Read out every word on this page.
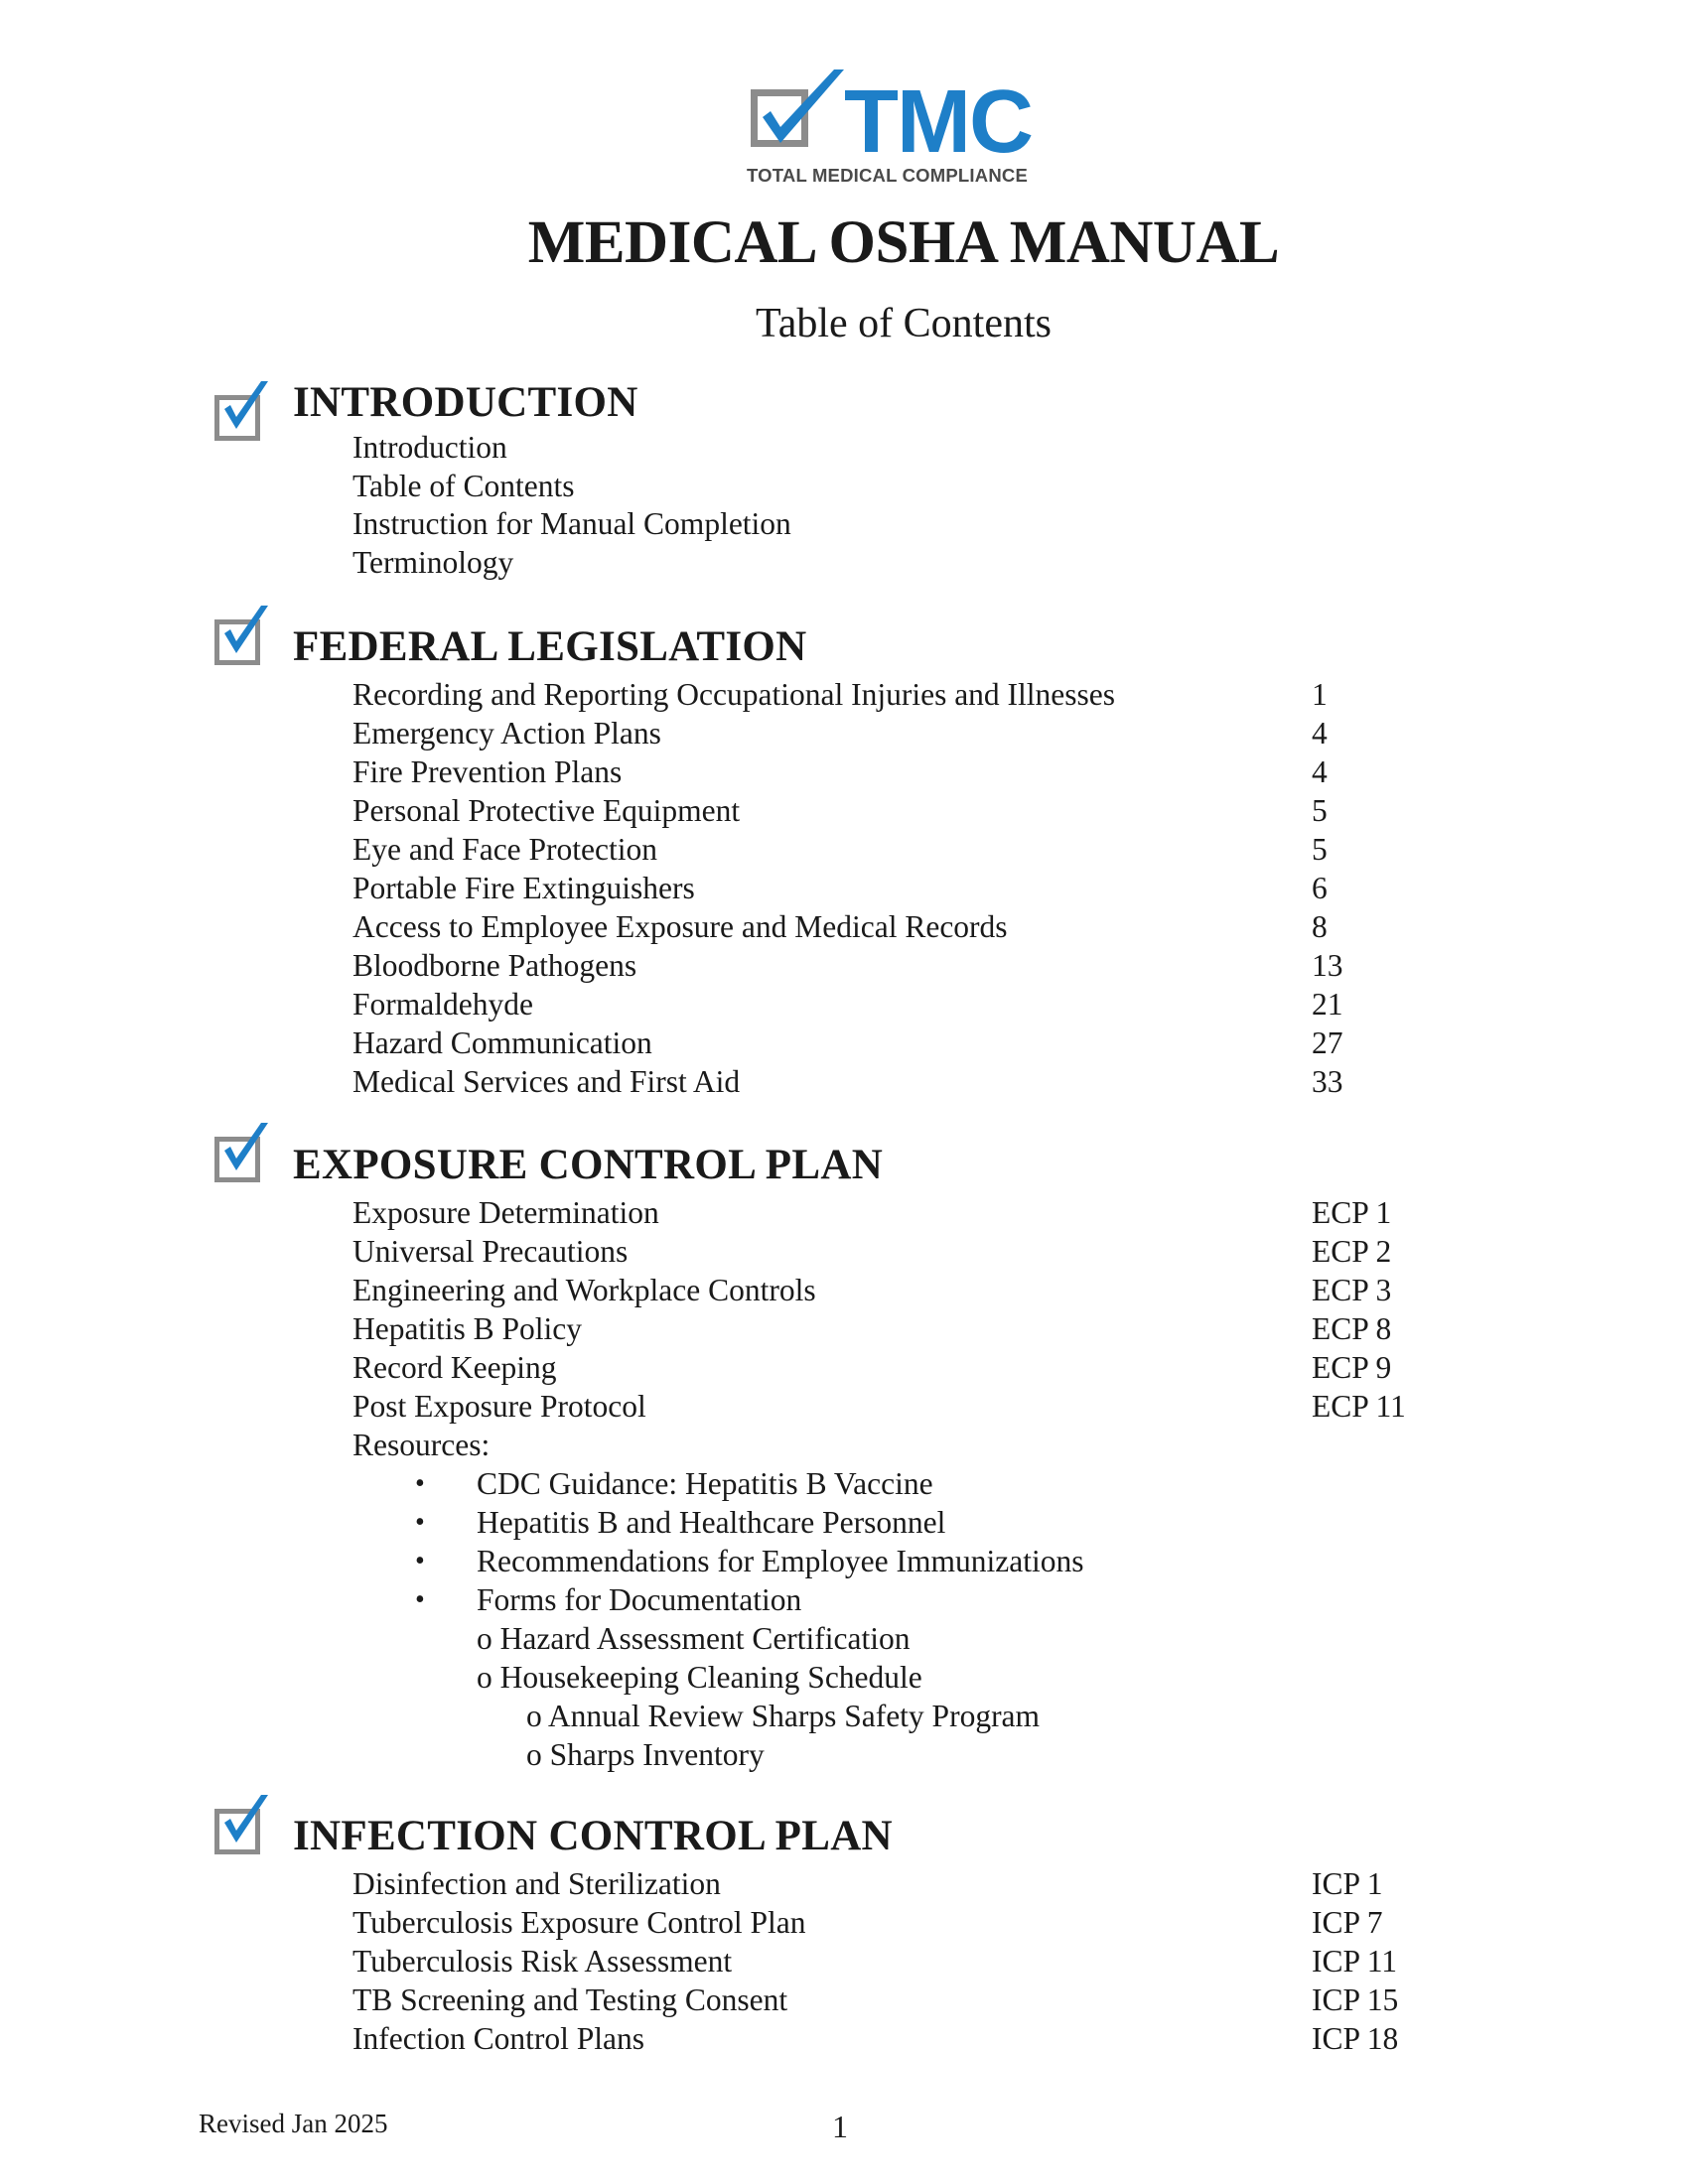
TMC
TOTAL MEDICAL COMPLIANCE
MEDICAL OSHA MANUAL
Table of Contents
INTRODUCTION
Introduction
Table of Contents
Instruction for Manual Completion
Terminology
FEDERAL LEGISLATION
Recording and Reporting Occupational Injuries and Illnesses	1
Emergency Action Plans	4
Fire Prevention Plans	4
Personal Protective Equipment	5
Eye and Face Protection	5
Portable Fire Extinguishers	6
Access to Employee Exposure and Medical Records	8
Bloodborne Pathogens	13
Formaldehyde	21
Hazard Communication	27
Medical Services and First Aid	33
EXPOSURE CONTROL PLAN
Exposure Determination	ECP 1
Universal Precautions	ECP 2
Engineering and Workplace Controls	ECP 3
Hepatitis B Policy	ECP 8
Record Keeping	ECP 9
Post Exposure Protocol	ECP 11
Resources:
• CDC Guidance: Hepatitis B Vaccine
• Hepatitis B and Healthcare Personnel
• Recommendations for Employee Immunizations
• Forms for Documentation
o Hazard Assessment Certification
o Housekeeping Cleaning Schedule
o Annual Review Sharps Safety Program
o Sharps Inventory
INFECTION CONTROL PLAN
Disinfection and Sterilization	ICP 1
Tuberculosis Exposure Control Plan	ICP 7
Tuberculosis Risk Assessment	ICP 11
TB Screening and Testing Consent	ICP 15
Infection Control Plans	ICP 18
Revised Jan 2025	1
